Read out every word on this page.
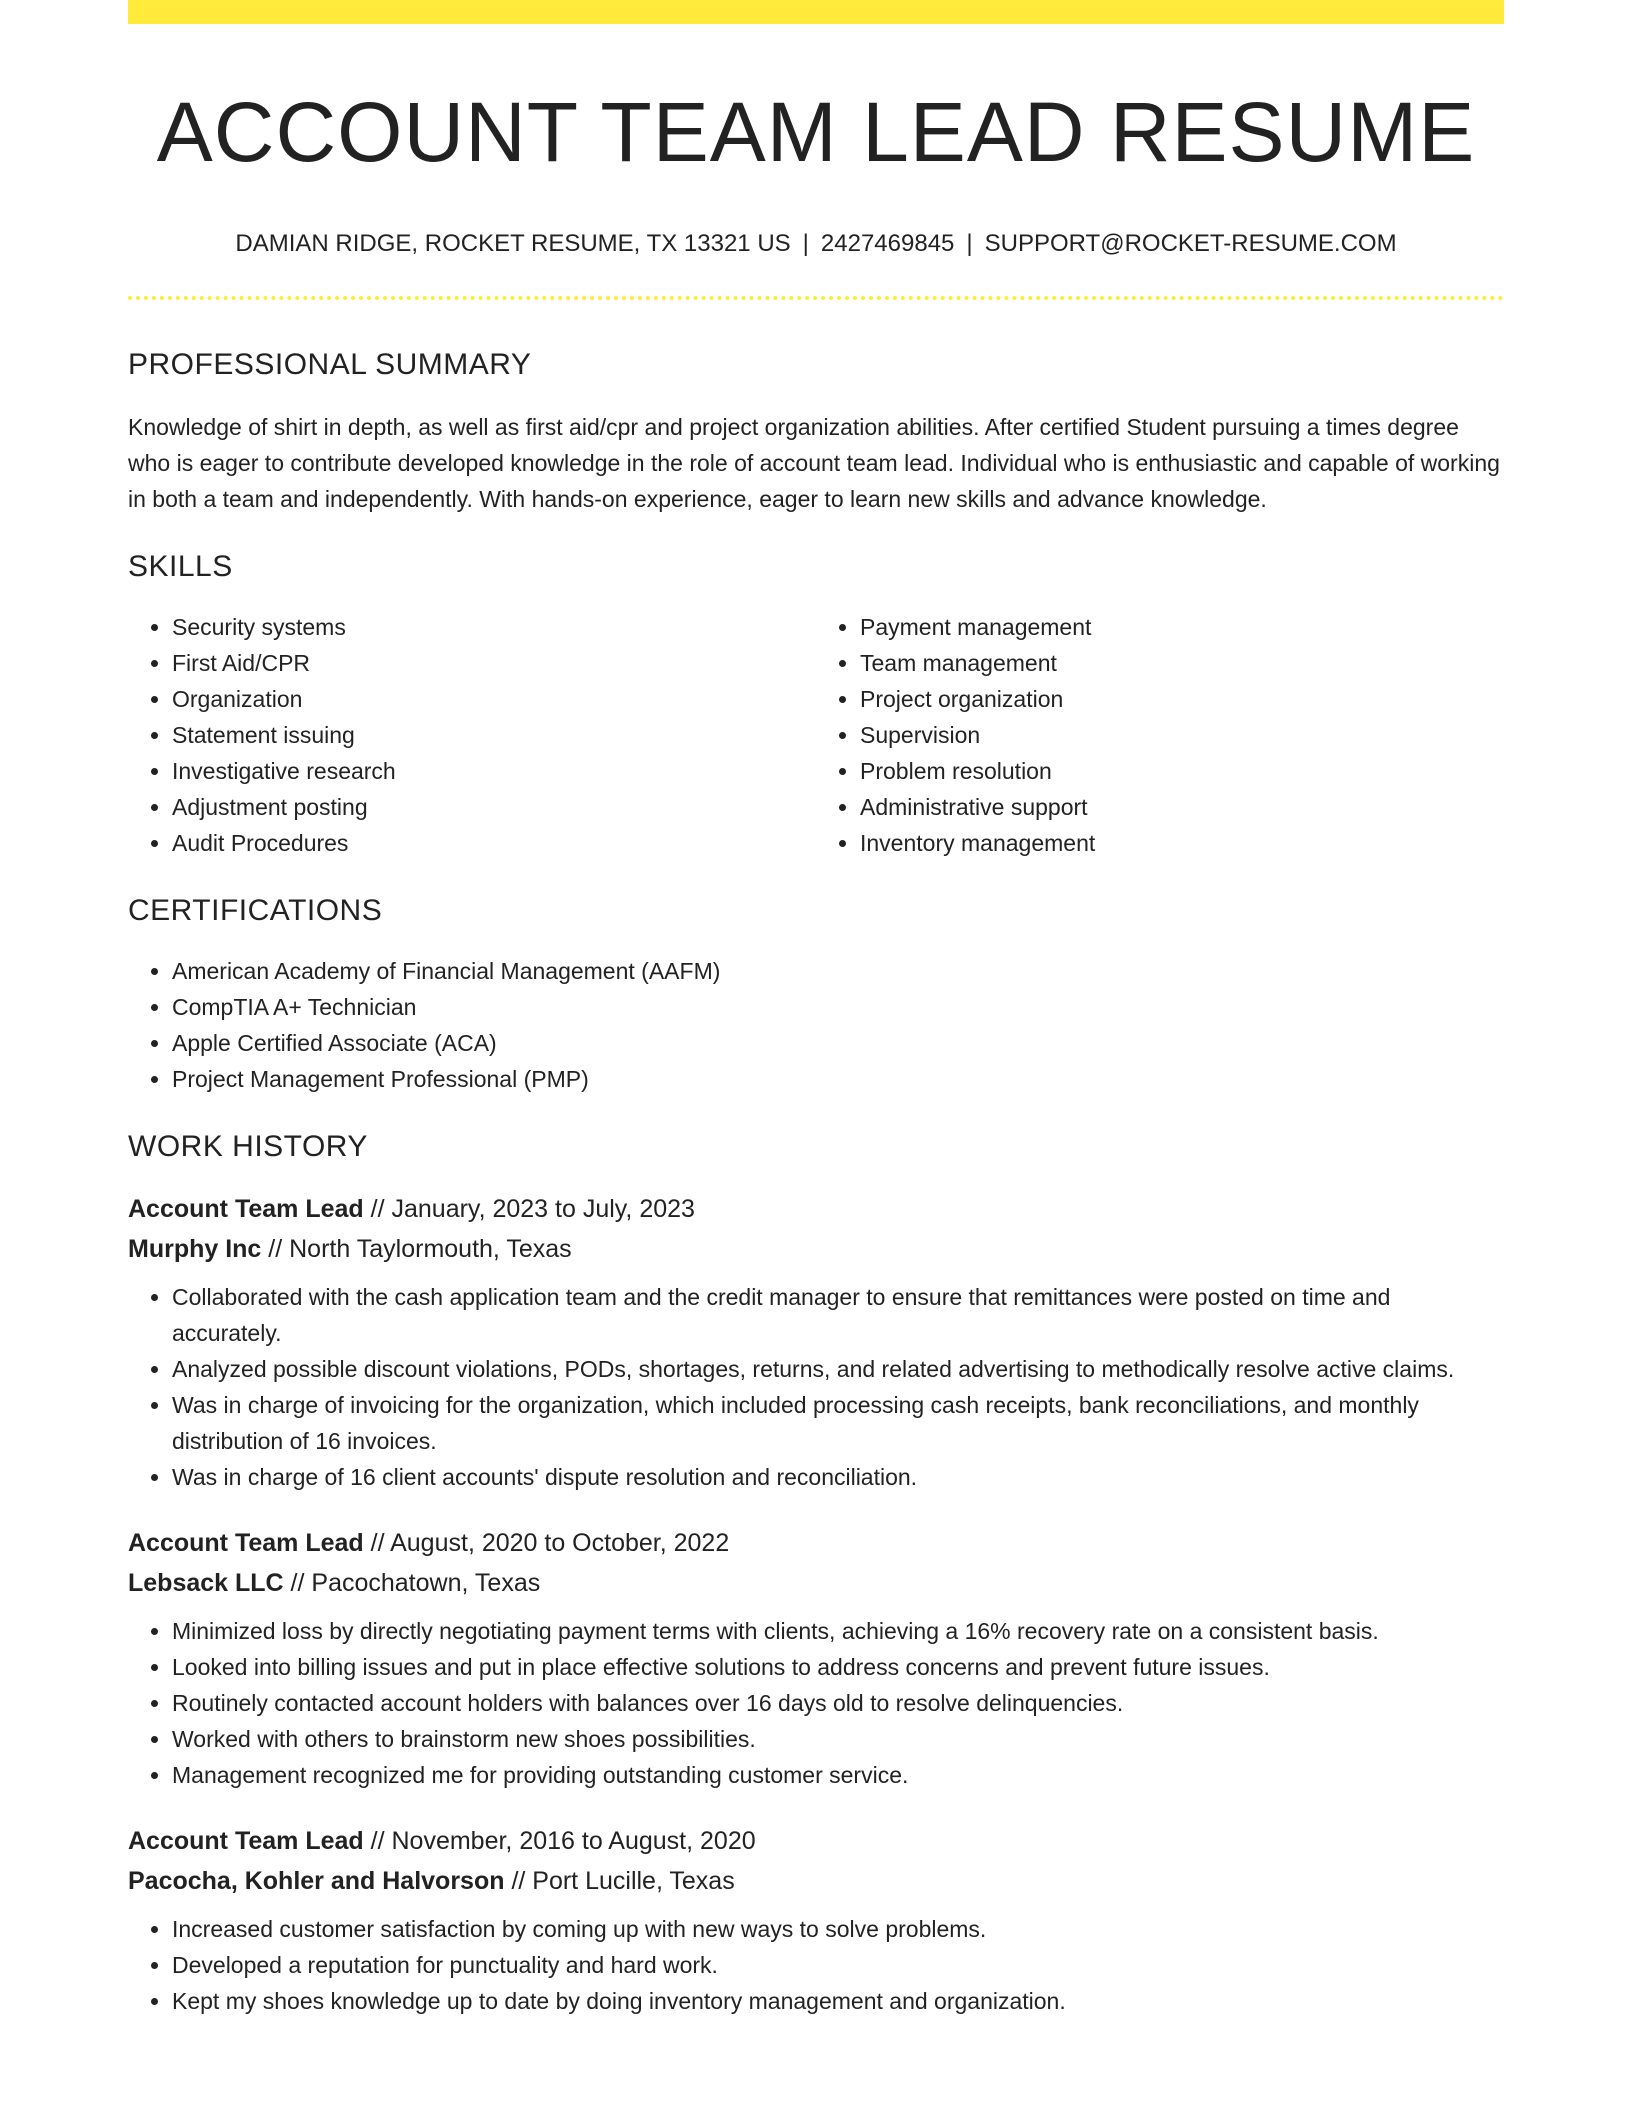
ACCOUNT TEAM LEAD RESUME
DAMIAN RIDGE, ROCKET RESUME, TX 13321 US | 2427469845 | SUPPORT@ROCKET-RESUME.COM
PROFESSIONAL SUMMARY

Knowledge of shirt in depth, as well as first aid/cpr and project organization abilities. After certified Student pursuing a times degree who is eager to contribute developed knowledge in the role of account team lead. Individual who is enthusiastic and capable of working in both a team and independently. With hands-on experience, eager to learn new skills and advance knowledge.

SKILLS
• Security systems
• First Aid/CPR
• Organization
• Statement issuing
• Investigative research
• Adjustment posting
• Audit Procedures
• Payment management
• Team management
• Project organization
• Supervision
• Problem resolution
• Administrative support
• Inventory management
CERTIFICATIONS
• American Academy of Financial Management (AAFM)
• CompTIA A+ Technician
• Apple Certified Associate (ACA)
• Project Management Professional (PMP)
WORK HISTORY
Account Team Lead // January, 2023 to July, 2023
Murphy Inc // North Taylormouth, Texas
• Collaborated with the cash application team and the credit manager to ensure that remittances were posted on time and accurately.
• Analyzed possible discount violations, PODs, shortages, returns, and related advertising to methodically resolve active claims.
• Was in charge of invoicing for the organization, which included processing cash receipts, bank reconciliations, and monthly distribution of 16 invoices.
• Was in charge of 16 client accounts' dispute resolution and reconciliation.
Account Team Lead // August, 2020 to October, 2022
Lebsack LLC // Pacochatown, Texas
• Minimized loss by directly negotiating payment terms with clients, achieving a 16% recovery rate on a consistent basis.
• Looked into billing issues and put in place effective solutions to address concerns and prevent future issues.
• Routinely contacted account holders with balances over 16 days old to resolve delinquencies.
• Worked with others to brainstorm new shoes possibilities.
• Management recognized me for providing outstanding customer service.
Account Team Lead // November, 2016 to August, 2020
Pacocha, Kohler and Halvorson // Port Lucille, Texas
• Increased customer satisfaction by coming up with new ways to solve problems.
• Developed a reputation for punctuality and hard work.
• Kept my shoes knowledge up to date by doing inventory management and organization.
